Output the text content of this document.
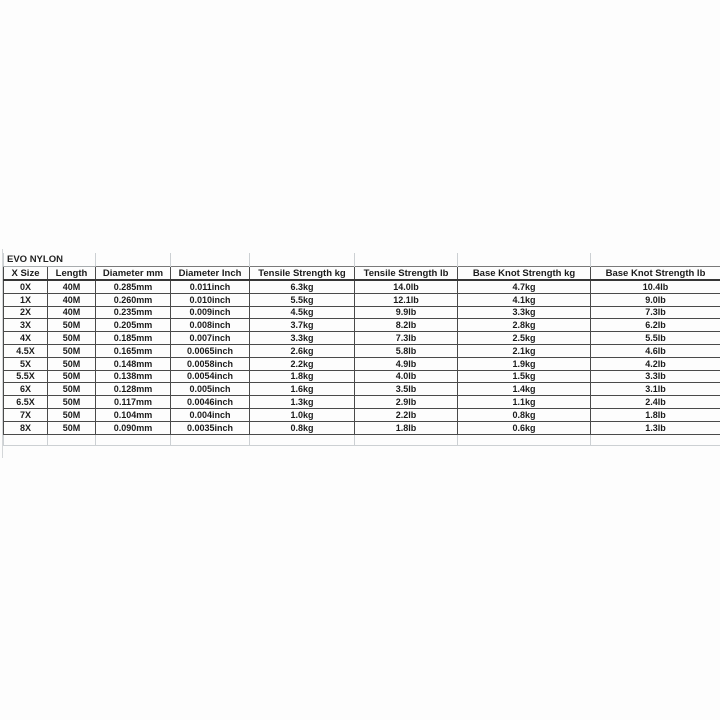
EVO NYLON							
X Size	Length	Diameter mm	Diameter Inch	Tensile Strength kg	Tensile Strength lb	Base Knot Strength kg	Base Knot Strength lb
0X	40M	0.285mm	0.011inch	6.3kg	14.0lb	4.7kg	10.4lb
1X	40M	0.260mm	0.010inch	5.5kg	12.1lb	4.1kg	9.0lb
2X	40M	0.235mm	0.009inch	4.5kg	9.9lb	3.3kg	7.3lb
3X	50M	0.205mm	0.008inch	3.7kg	8.2lb	2.8kg	6.2lb
4X	50M	0.185mm	0.007inch	3.3kg	7.3lb	2.5kg	5.5lb
4.5X	50M	0.165mm	0.0065inch	2.6kg	5.8lb	2.1kg	4.6lb
5X	50M	0.148mm	0.0058inch	2.2kg	4.9lb	1.9kg	4.2lb
5.5X	50M	0.138mm	0.0054inch	1.8kg	4.0lb	1.5kg	3.3lb
6X	50M	0.128mm	0.005inch	1.6kg	3.5lb	1.4kg	3.1lb
6.5X	50M	0.117mm	0.0046inch	1.3kg	2.9lb	1.1kg	2.4lb
7X	50M	0.104mm	0.004inch	1.0kg	2.2lb	0.8kg	1.8lb
8X	50M	0.090mm	0.0035inch	0.8kg	1.8lb	0.6kg	1.3lb
